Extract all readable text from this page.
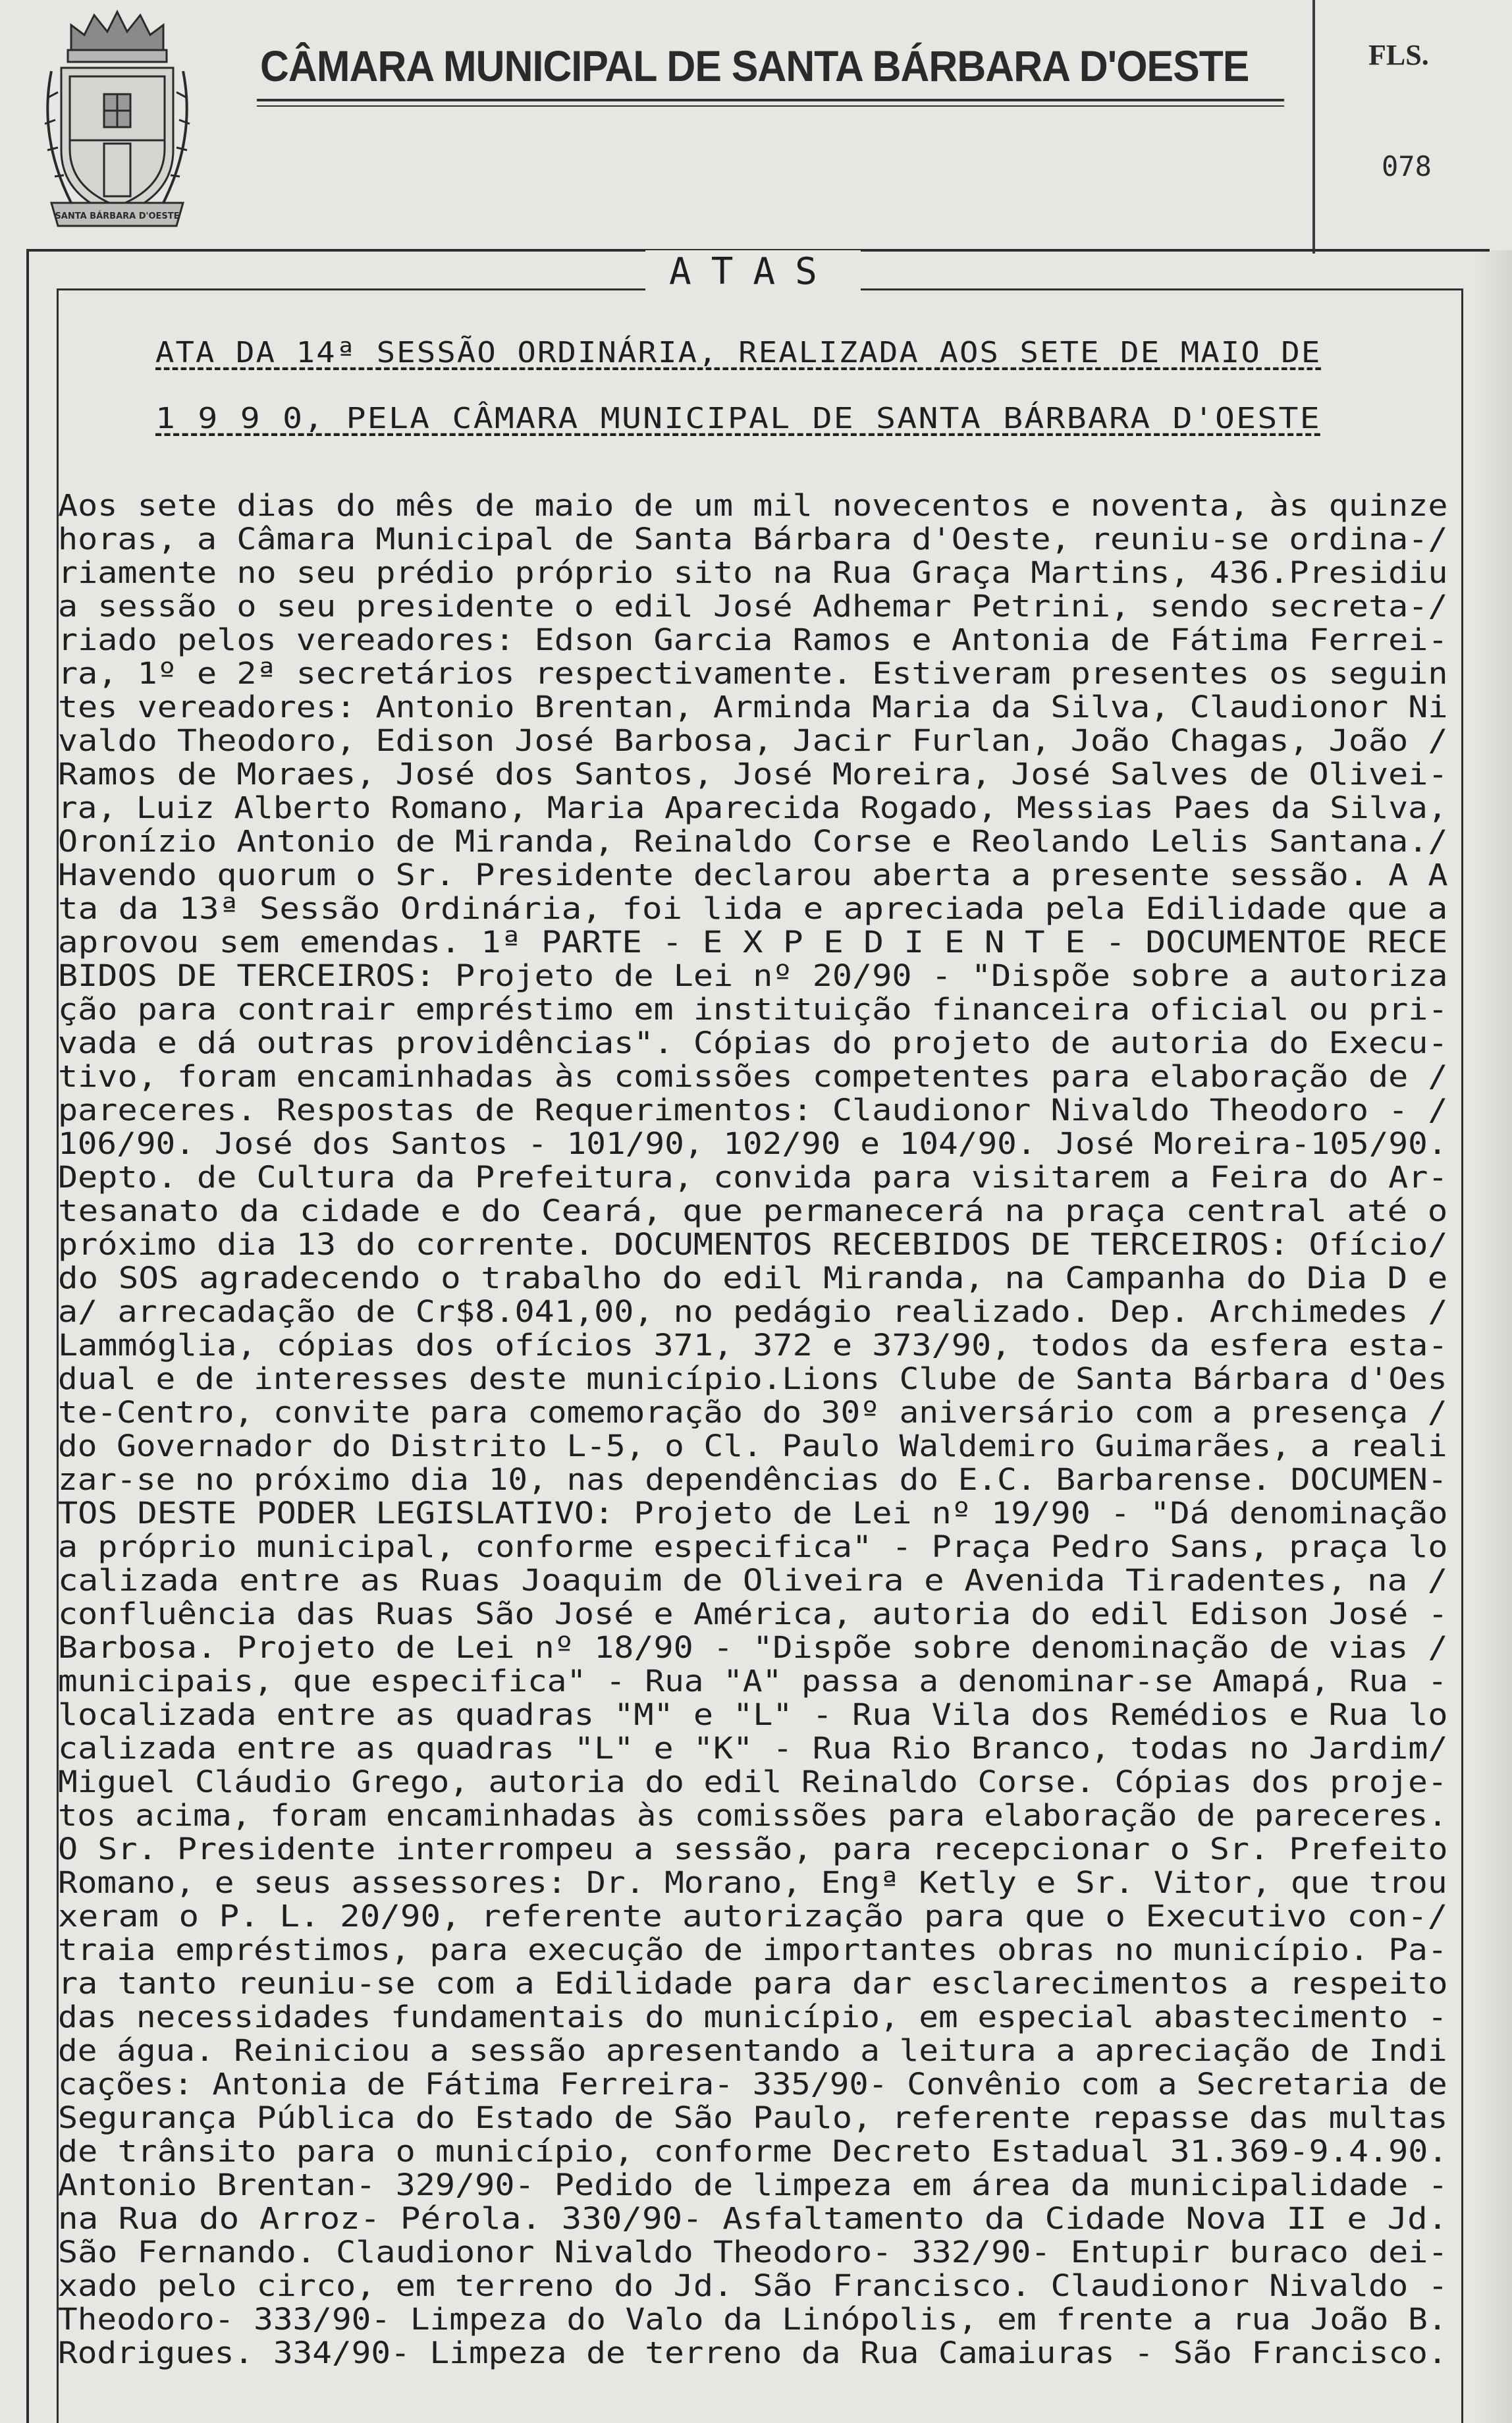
SANTA BÁRBARA D'OESTE
CÂMARA MUNICIPAL DE SANTA BÁRBARA D'OESTE	FLS.
078
ATAS
ATA DA 14ª SESSÃO ORDINÁRIA, REALIZADA AOS SETE DE MAIO DE
1 9 9 0, PELA CÂMARA MUNICIPAL DE SANTA BÁRBARA D'OESTE
Aos sete dias do mês de maio de um mil novecentos e noventa, às quinze
horas, a Câmara Municipal de Santa Bárbara d'Oeste, reuniu-se ordina-/
riamente no seu prédio próprio sito na Rua Graça Martins, 436.Presidiu
a sessão o seu presidente o edil José Adhemar Petrini, sendo secreta-/
riado pelos vereadores: Edson Garcia Ramos e Antonia de Fátima Ferrei-
ra, 1º e 2ª secretários respectivamente. Estiveram presentes os seguin
tes vereadores: Antonio Brentan, Arminda Maria da Silva, Claudionor Ni
valdo Theodoro, Edison José Barbosa, Jacir Furlan, João Chagas, João /
Ramos de Moraes, José dos Santos, José Moreira, José Salves de Olivei-
ra, Luiz Alberto Romano, Maria Aparecida Rogado, Messias Paes da Silva,
Oronízio Antonio de Miranda, Reinaldo Corse e Reolando Lelis Santana./
Havendo quorum o Sr. Presidente declarou aberta a presente sessão. A A
ta da 13ª Sessão Ordinária, foi lida e apreciada pela Edilidade que a
aprovou sem emendas. 1ª PARTE - E X P E D I E N T E - DOCUMENTOE RECE
BIDOS DE TERCEIROS: Projeto de Lei nº 20/90 - "Dispõe sobre a autoriza
ção para contrair empréstimo em instituição financeira oficial ou pri-
vada e dá outras providências". Cópias do projeto de autoria do Execu-
tivo, foram encaminhadas às comissões competentes para elaboração de /
pareceres. Respostas de Requerimentos: Claudionor Nivaldo Theodoro - /
106/90. José dos Santos - 101/90, 102/90 e 104/90. José Moreira-105/90.
Depto. de Cultura da Prefeitura, convida para visitarem a Feira do Ar-
tesanato da cidade e do Ceará, que permanecerá na praça central até o
próximo dia 13 do corrente. DOCUMENTOS RECEBIDOS DE TERCEIROS: Ofício/
do SOS agradecendo o trabalho do edil Miranda, na Campanha do Dia D e
a/ arrecadação de Cr$8.041,00, no pedágio realizado. Dep. Archimedes /
Lammóglia, cópias dos ofícios 371, 372 e 373/90, todos da esfera esta-
dual e de interesses deste município.Lions Clube de Santa Bárbara d'Oes
te-Centro, convite para comemoração do 30º aniversário com a presença /
do Governador do Distrito L-5, o Cl. Paulo Waldemiro Guimarães, a reali
zar-se no próximo dia 10, nas dependências do E.C. Barbarense. DOCUMEN-
TOS DESTE PODER LEGISLATIVO: Projeto de Lei nº 19/90 - "Dá denominação
a próprio municipal, conforme especifica" - Praça Pedro Sans, praça lo
calizada entre as Ruas Joaquim de Oliveira e Avenida Tiradentes, na /
confluência das Ruas São José e América, autoria do edil Edison José -
Barbosa. Projeto de Lei nº 18/90 - "Dispõe sobre denominação de vias /
municipais, que especifica" - Rua "A" passa a denominar-se Amapá, Rua -
localizada entre as quadras "M" e "L" - Rua Vila dos Remédios e Rua lo
calizada entre as quadras "L" e "K" - Rua Rio Branco, todas no Jardim/
Miguel Cláudio Grego, autoria do edil Reinaldo Corse. Cópias dos proje-
tos acima, foram encaminhadas às comissões para elaboração de pareceres.
O Sr. Presidente interrompeu a sessão, para recepcionar o Sr. Prefeito
Romano, e seus assessores: Dr. Morano, Engª Ketly e Sr. Vitor, que trou
xeram o P. L. 20/90, referente autorização para que o Executivo con-/
traia empréstimos, para execução de importantes obras no município. Pa-
ra tanto reuniu-se com a Edilidade para dar esclarecimentos a respeito
das necessidades fundamentais do município, em especial abastecimento -
de água. Reiniciou a sessão apresentando a leitura a apreciação de Indi
cações: Antonia de Fátima Ferreira- 335/90- Convênio com a Secretaria de
Segurança Pública do Estado de São Paulo, referente repasse das multas
de trânsito para o município, conforme Decreto Estadual 31.369-9.4.90.
Antonio Brentan- 329/90- Pedido de limpeza em área da municipalidade -
na Rua do Arroz- Pérola. 330/90- Asfaltamento da Cidade Nova II e Jd.
São Fernando. Claudionor Nivaldo Theodoro- 332/90- Entupir buraco dei-
xado pelo circo, em terreno do Jd. São Francisco. Claudionor Nivaldo -
Theodoro- 333/90- Limpeza do Valo da Linópolis, em frente a rua João B.
Rodrigues. 334/90- Limpeza de terreno da Rua Camaiuras - São Francisco.
